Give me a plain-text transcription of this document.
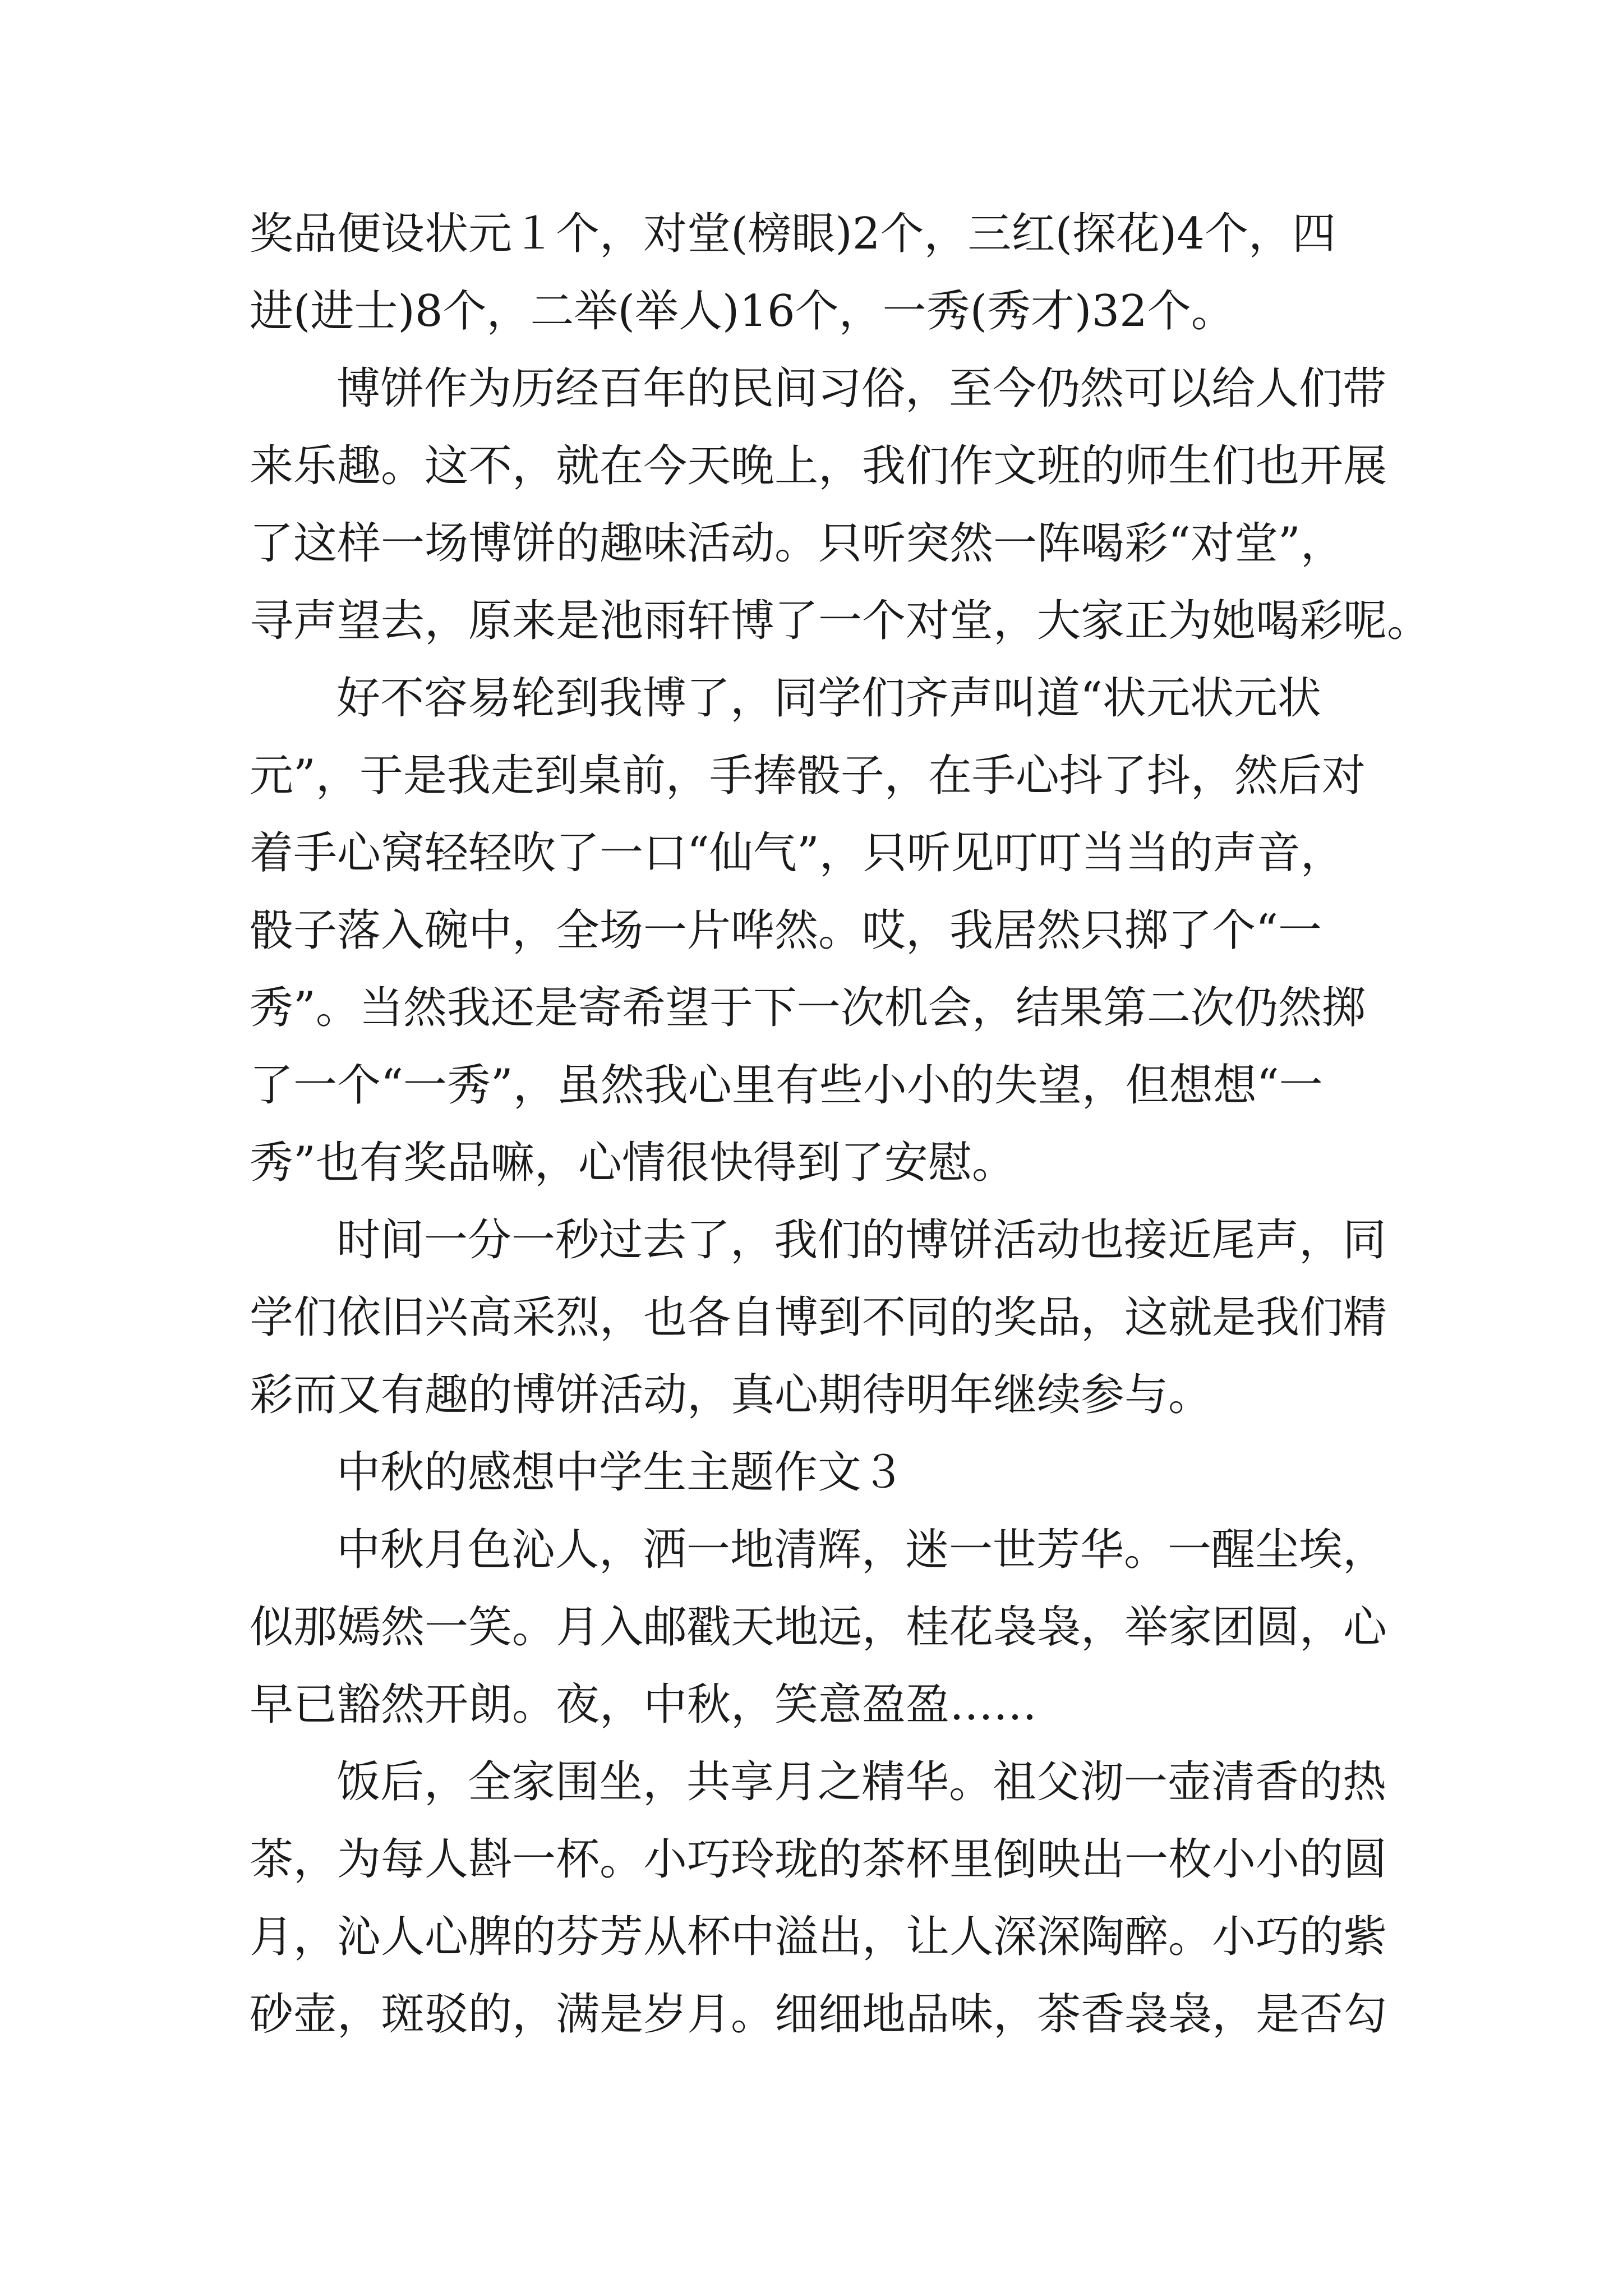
奖品便设状元１个，对堂(榜眼)2个，三红(探花)4个，四
进(进士)8个，二举(举人)16个，一秀(秀才)32个。
博饼作为历经百年的民间习俗，至今仍然可以给人们带
来乐趣。这不，就在今天晚上，我们作文班的师生们也开展
了这样一场博饼的趣味活动。只听突然一阵喝彩“对堂”，
寻声望去，原来是池雨轩博了一个对堂，大家正为她喝彩呢。
好不容易轮到我博了，同学们齐声叫道“状元状元状
元”，于是我走到桌前，手捧骰子，在手心抖了抖，然后对
着手心窝轻轻吹了一口“仙气”，只听见叮叮当当的声音，
骰子落入碗中，全场一片哗然。哎，我居然只掷了个“一
秀”。当然我还是寄希望于下一次机会，结果第二次仍然掷
了一个“一秀”，虽然我心里有些小小的失望，但想想“一
秀”也有奖品嘛，心情很快得到了安慰。
时间一分一秒过去了，我们的博饼活动也接近尾声，同
学们依旧兴高采烈，也各自博到不同的奖品，这就是我们精
彩而又有趣的博饼活动，真心期待明年继续参与。
中秋的感想中学生主题作文３
中秋月色沁人，洒一地清辉，迷一世芳华。一醒尘埃，
似那嫣然一笑。月入邮戳天地远，桂花袅袅，举家团圆，心
早已豁然开朗。夜，中秋，笑意盈盈……
饭后，全家围坐，共享月之精华。祖父沏一壶清香的热
茶，为每人斟一杯。小巧玲珑的茶杯里倒映出一枚小小的圆
月，沁人心脾的芬芳从杯中溢出，让人深深陶醉。小巧的紫
砂壶，斑驳的，满是岁月。细细地品味，茶香袅袅，是否勾
